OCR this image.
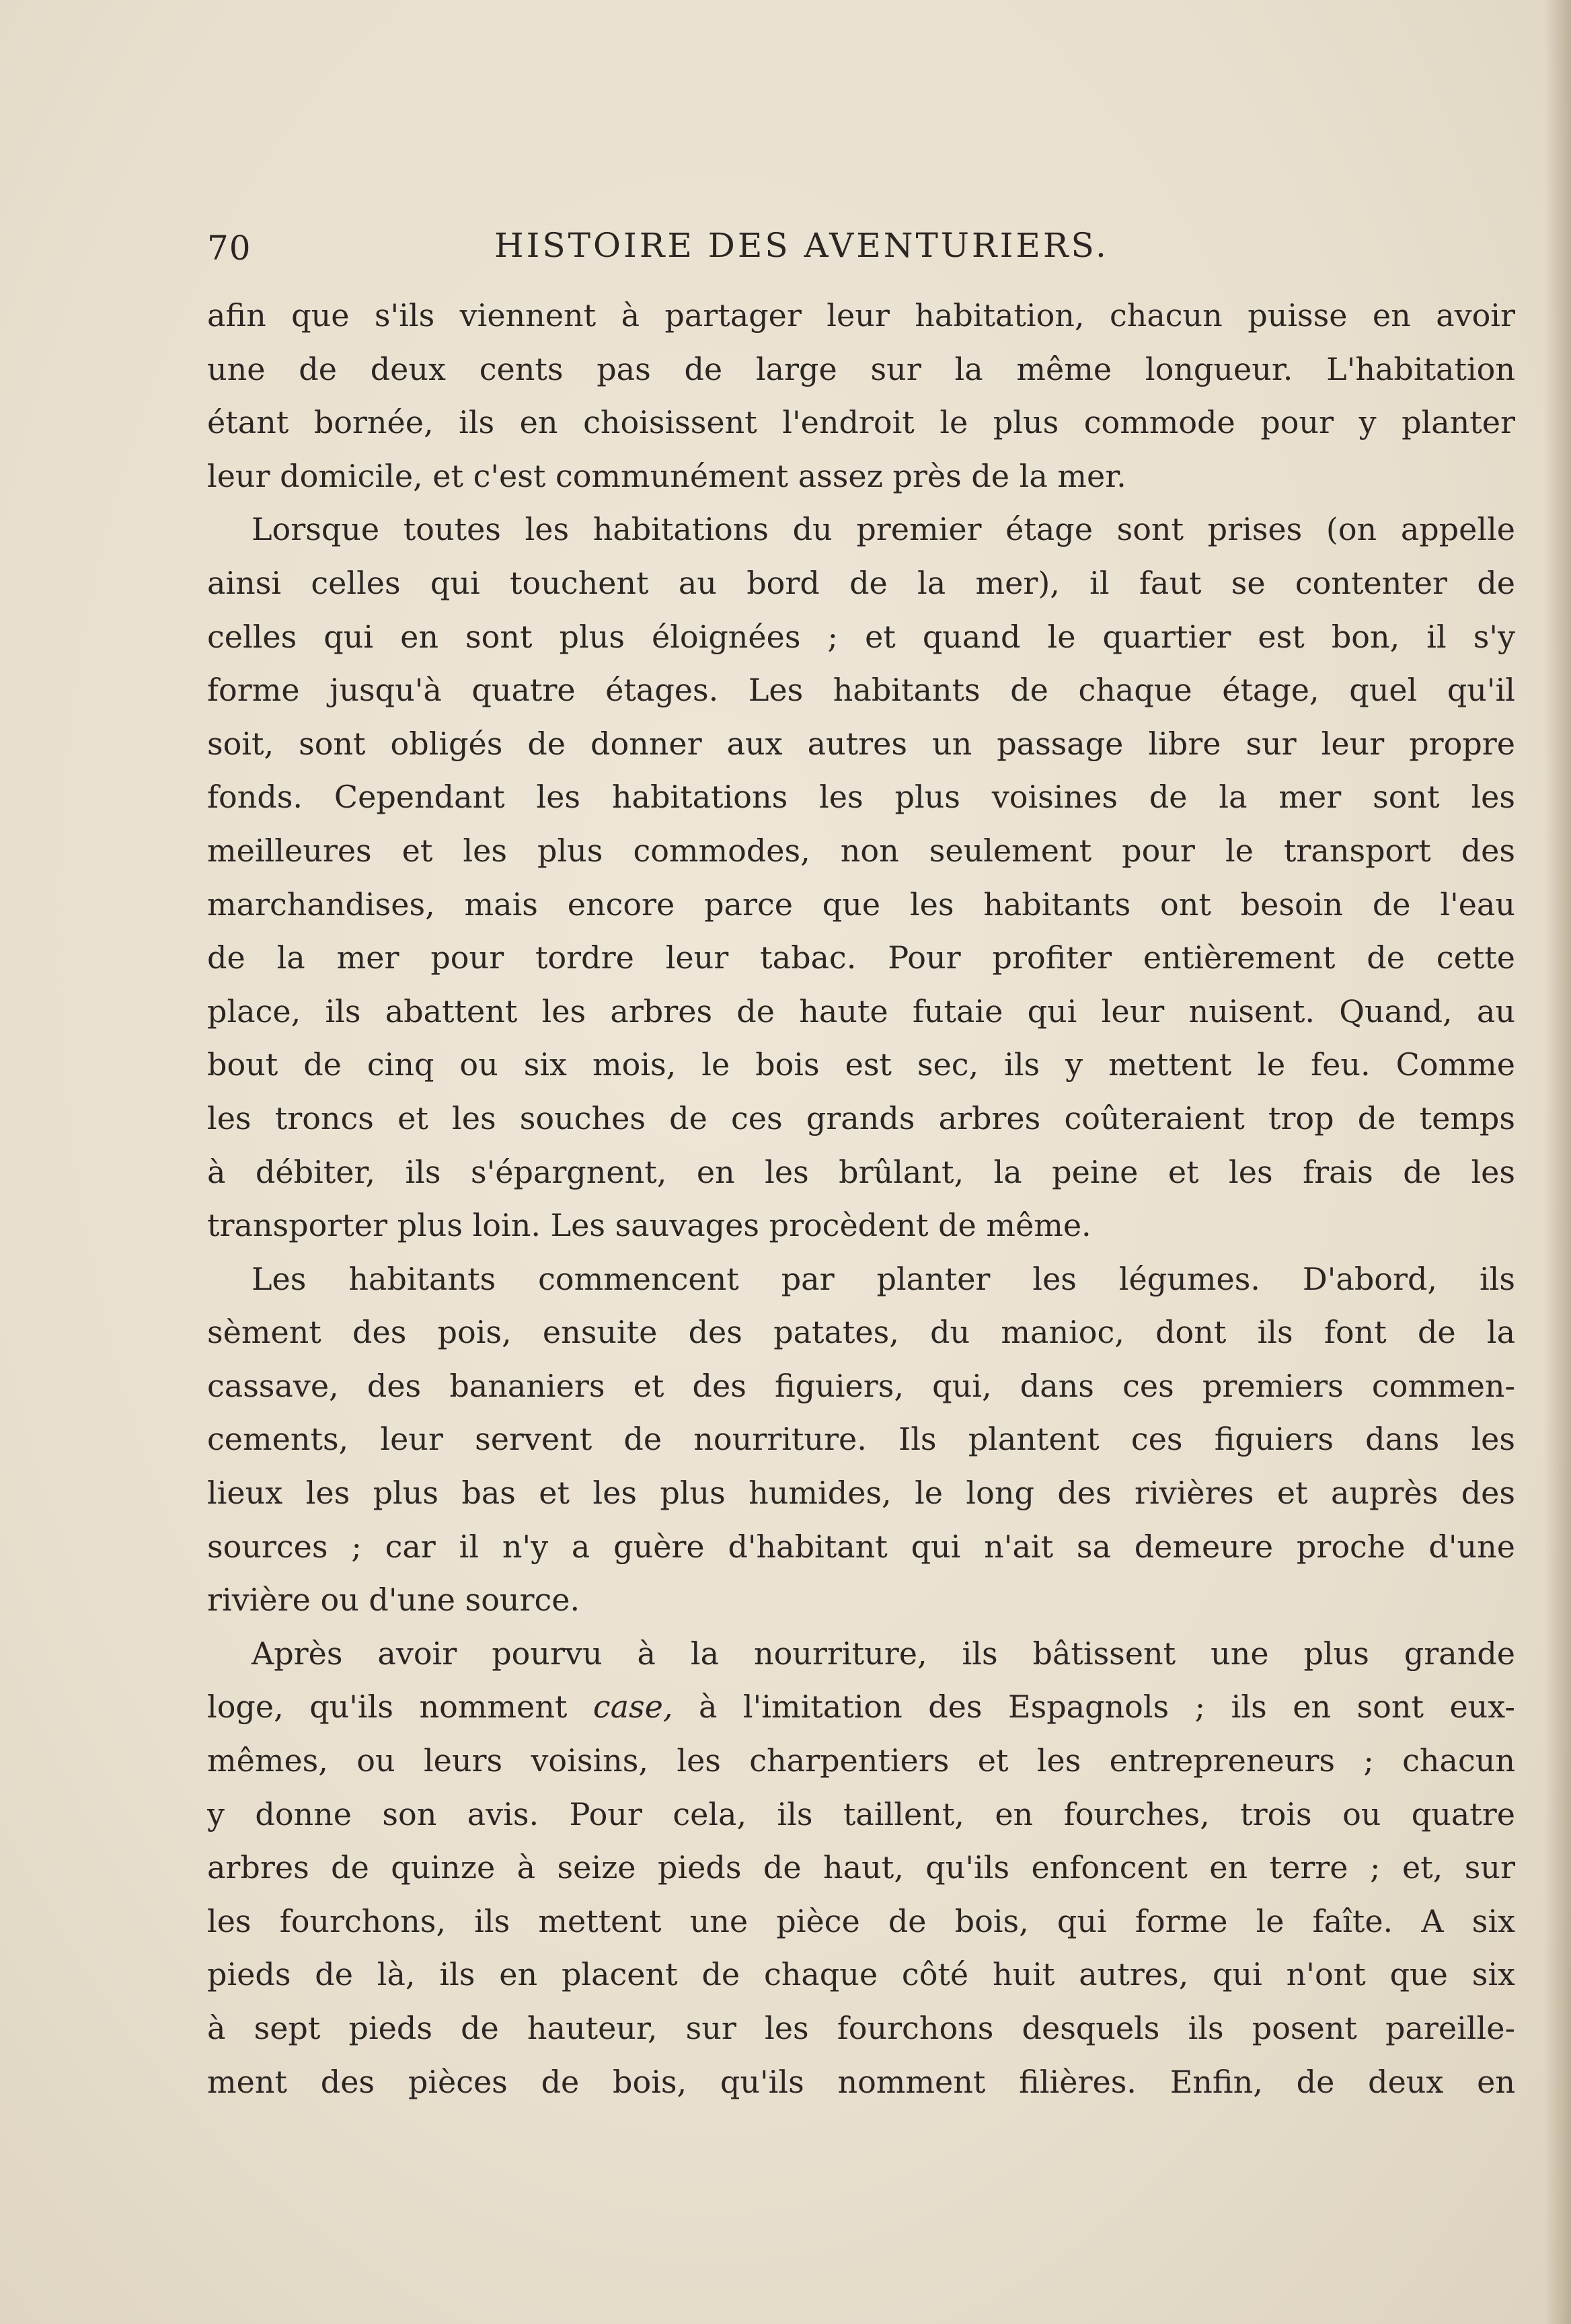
70	HISTOIRE DES AVENTURIERS.
afin que s'ils viennent à partager leur habitation, chacun puisse en avoir
une de deux cents pas de large sur la même longueur. L'habitation
étant bornée, ils en choisissent l'endroit le plus commode pour y planter
leur domicile, et c'est communément assez près de la mer.
Lorsque toutes les habitations du premier étage sont prises (on appelle
ainsi celles qui touchent au bord de la mer), il faut se contenter de
celles qui en sont plus éloignées ; et quand le quartier est bon, il s'y
forme jusqu'à quatre étages. Les habitants de chaque étage, quel qu'il
soit, sont obligés de donner aux autres un passage libre sur leur propre
fonds. Cependant les habitations les plus voisines de la mer sont les
meilleures et les plus commodes, non seulement pour le transport des
marchandises, mais encore parce que les habitants ont besoin de l'eau
de la mer pour tordre leur tabac. Pour profiter entièrement de cette
place, ils abattent les arbres de haute futaie qui leur nuisent. Quand, au
bout de cinq ou six mois, le bois est sec, ils y mettent le feu. Comme
les troncs et les souches de ces grands arbres coûteraient trop de temps
à débiter, ils s'épargnent, en les brûlant, la peine et les frais de les
transporter plus loin. Les sauvages procèdent de même.
Les habitants commencent par planter les légumes. D'abord, ils
sèment des pois, ensuite des patates, du manioc, dont ils font de la
cassave, des bananiers et des figuiers, qui, dans ces premiers commen-
cements, leur servent de nourriture. Ils plantent ces figuiers dans les
lieux les plus bas et les plus humides, le long des rivières et auprès des
sources ; car il n'y a guère d'habitant qui n'ait sa demeure proche d'une
rivière ou d'une source.
Après avoir pourvu à la nourriture, ils bâtissent une plus grande
loge, qu'ils nomment case, à l'imitation des Espagnols ; ils en sont eux-
mêmes, ou leurs voisins, les charpentiers et les entrepreneurs ; chacun
y donne son avis. Pour cela, ils taillent, en fourches, trois ou quatre
arbres de quinze à seize pieds de haut, qu'ils enfoncent en terre ; et, sur
les fourchons, ils mettent une pièce de bois, qui forme le faîte. A six
pieds de là, ils en placent de chaque côté huit autres, qui n'ont que six
à sept pieds de hauteur, sur les fourchons desquels ils posent pareille-
ment des pièces de bois, qu'ils nomment filières. Enfin, de deux en
